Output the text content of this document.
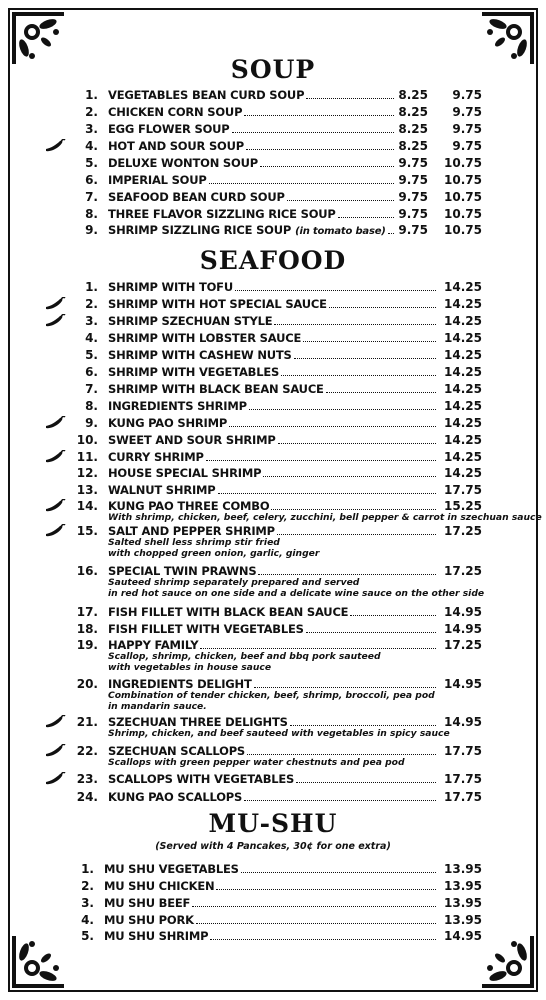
SOUP
SEAFOOD
MU-SHU
(Served with 4 Pancakes, 30¢ for one extra)
1. VEGETABLES BEAN CURD SOUP	8.25	9.75
2. CHICKEN CORN SOUP	8.25	9.75
3. EGG FLOWER SOUP	8.25	9.75
4. HOT AND SOUR SOUP	8.25	9.75
5. DELUXE WONTON SOUP	9.75 10.75
6. IMPERIAL SOUP	9.75 10.75
7. SEAFOOD BEAN CURD SOUP	9.75 10.75
8. THREE FLAVOR SIZZLING RICE SOUP	9.75 10.75
9. SHRIMP SIZZLING RICE SOUP (in tomato base)	9.75 10.75
1. SHRIMP WITH TOFU	14.25
2. SHRIMP WITH HOT SPECIAL SAUCE	14.25
3. SHRIMP SZECHUAN STYLE	14.25
4. SHRIMP WITH LOBSTER SAUCE	14.25
5. SHRIMP WITH CASHEW NUTS	14.25
6. SHRIMP WITH VEGETABLES	14.25
7. SHRIMP WITH BLACK BEAN SAUCE	14.25
8. INGREDIENTS SHRIMP	14.25
9. KUNG PAO SHRIMP	14.25
10. SWEET AND SOUR SHRIMP	14.25
11. CURRY SHRIMP	14.25
12. HOUSE SPECIAL SHRIMP	14.25
13. WALNUT SHRIMP	17.75
14. KUNG PAO THREE COMBO	15.25
With shrimp, chicken, beef, celery, zucchini, bell pepper & carrot in szechuan sauce
15. SALT AND PEPPER SHRIMP	17.25
Salted shell less shrimp stir fried
with chopped green onion, garlic, ginger
16. SPECIAL TWIN PRAWNS	17.25
Sauteed shrimp separately prepared and served
in red hot sauce on one side and a delicate wine sauce on the other side
17. FISH FILLET WITH BLACK BEAN SAUCE	14.95
18. FISH FILLET WITH VEGETABLES	14.95
19. HAPPY FAMILY	17.25
Scallop, shrimp, chicken, beef and bbq pork sauteed
with vegetables in house sauce
20. INGREDIENTS DELIGHT	14.95
Combination of tender chicken, beef, shrimp, broccoli, pea pod
in mandarin sauce.
21. SZECHUAN THREE DELIGHTS	14.95
Shrimp, chicken, and beef sauteed with vegetables in spicy sauce
22. SZECHUAN SCALLOPS	17.75
Scallops with green pepper water chestnuts and pea pod
23. SCALLOPS WITH VEGETABLES	17.75
24. KUNG PAO SCALLOPS	17.75
1. MU SHU VEGETABLES	13.95
2. MU SHU CHICKEN	13.95
3. MU SHU BEEF	13.95
4. MU SHU PORK	13.95
5. MU SHU SHRIMP	14.95
